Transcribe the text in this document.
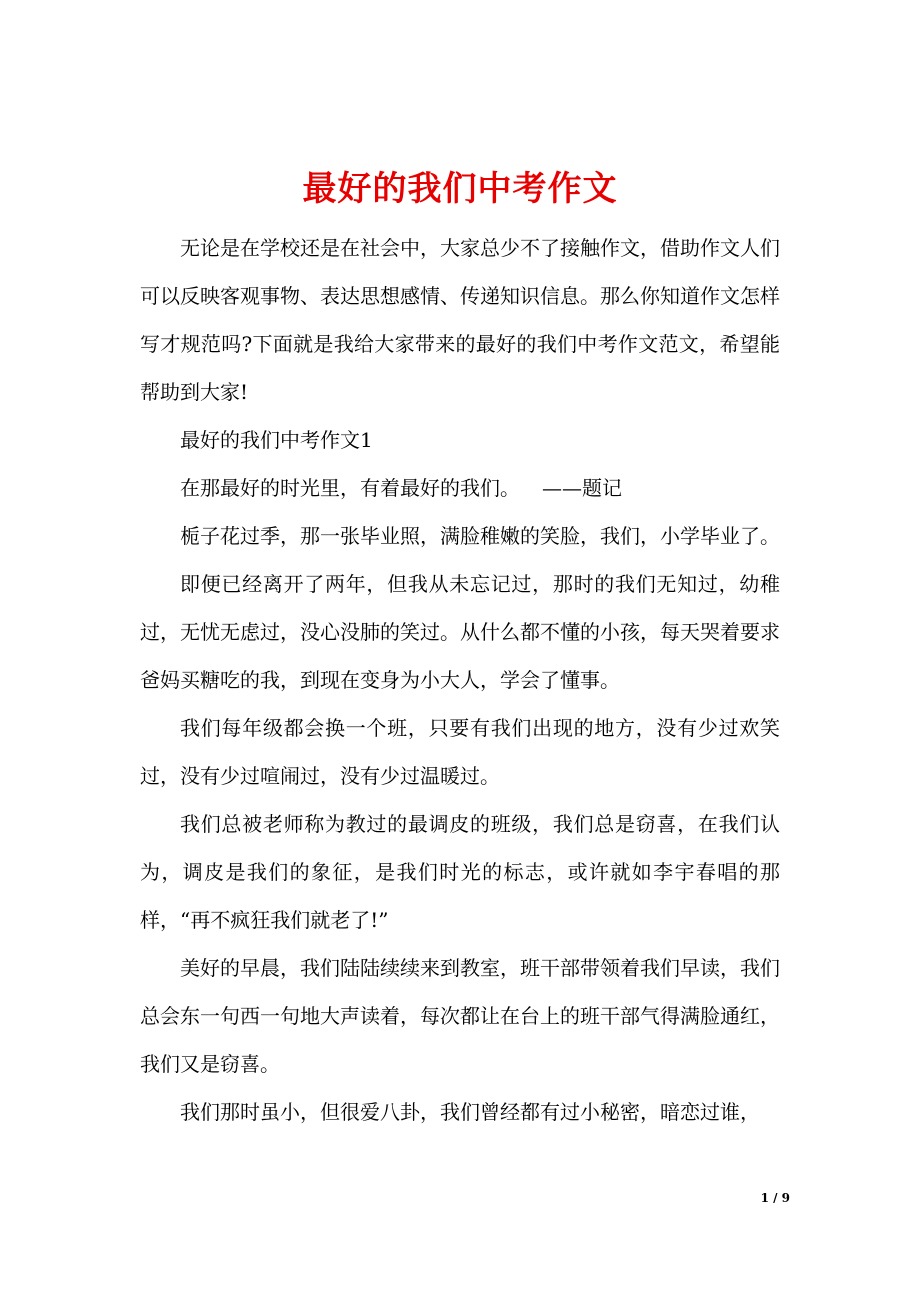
最好的我们中考作文

无论是在学校还是在社会中，大家总少不了接触作文，借助作文人们可以反映客观事物、表达思想感情、传递知识信息。那么你知道作文怎样写才规范吗?下面就是我给大家带来的最好的我们中考作文范文，希望能帮助到大家!

最好的我们中考作文1

在那最好的时光里，有着最好的我们。 ——题记

栀子花过季，那一张毕业照，满脸稚嫩的笑脸，我们，小学毕业了。

即便已经离开了两年，但我从未忘记过，那时的我们无知过，幼稚过，无忧无虑过，没心没肺的笑过。从什么都不懂的小孩，每天哭着要求爸妈买糖吃的我，到现在变身为小大人，学会了懂事。

我们每年级都会换一个班，只要有我们出现的地方，没有少过欢笑过，没有少过喧闹过，没有少过温暖过。

我们总被老师称为教过的最调皮的班级，我们总是窃喜，在我们认为，调皮是我们的象征，是我们时光的标志，或许就如李宇春唱的那样，“再不疯狂我们就老了!”

美好的早晨，我们陆陆续续来到教室，班干部带领着我们早读，我们总会东一句西一句地大声读着，每次都让在台上的班干部气得满脸通红，我们又是窃喜。

我们那时虽小，但很爱八卦，我们曾经都有过小秘密，暗恋过谁，

1 / 9
